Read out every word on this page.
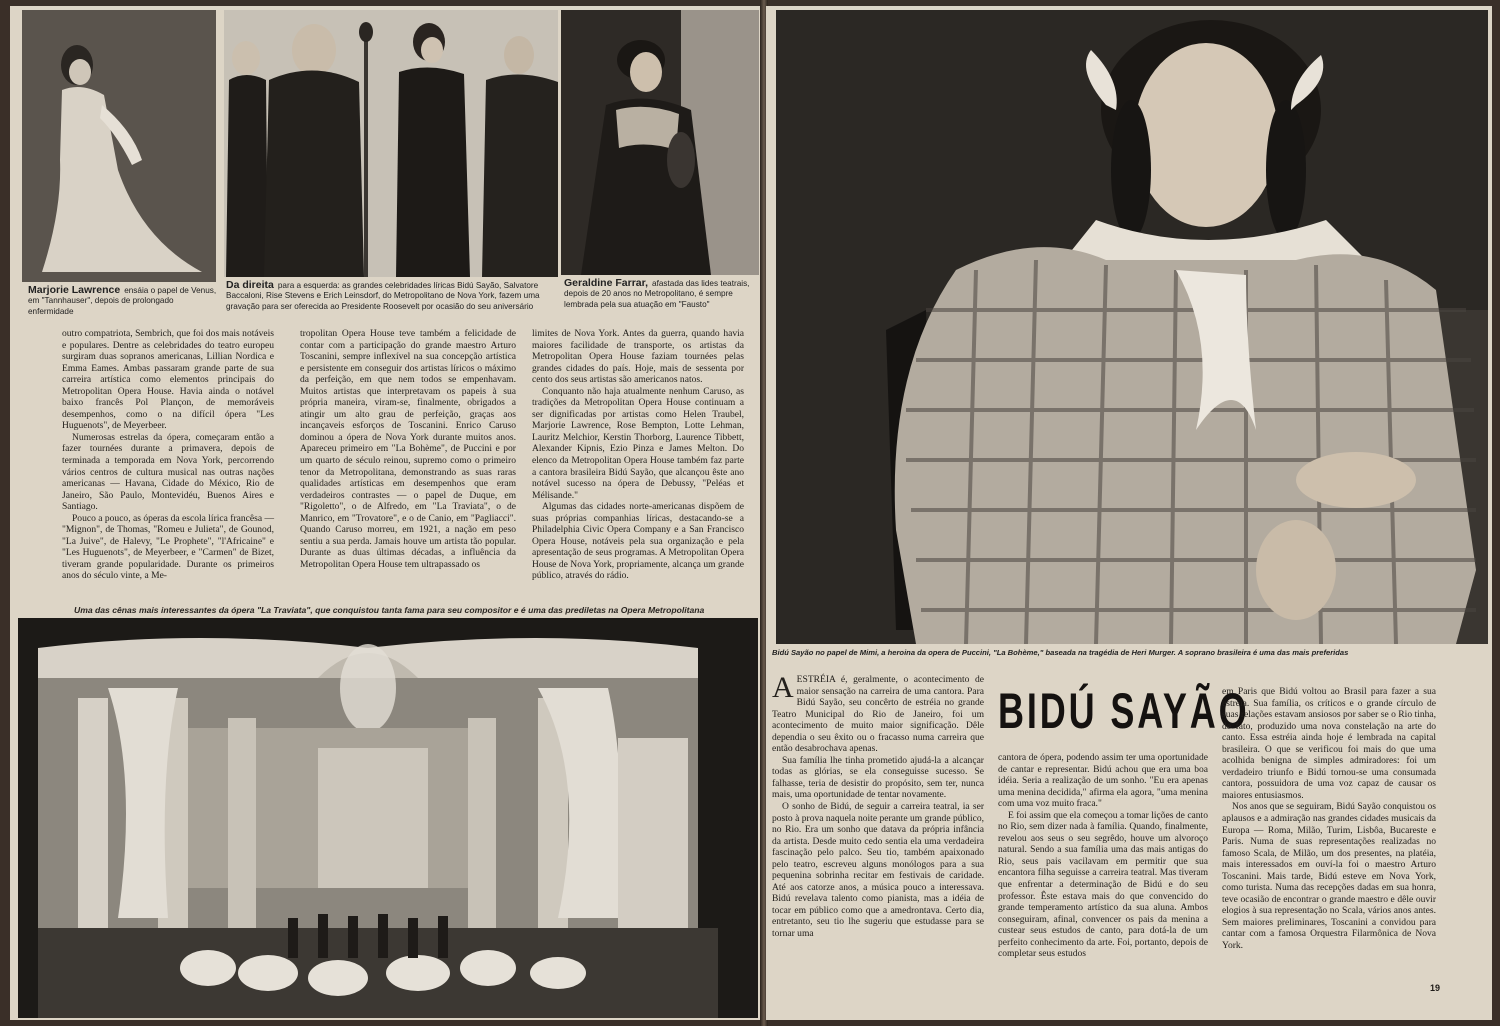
Marjorie Lawrence ensáia o papel de Venus, em "Tannhauser", depois de prolongado enfermidade
Da direita para a esquerda: as grandes celebridades líricas Bidú Sayão, Salvatore Baccaloni, Rise Stevens e Erich Leinsdorf, do Metropolitano de Nova York, fazem uma gravação para ser oferecida ao Presidente Roosevelt por ocasião do seu aniversário
Geraldine Farrar, afastada das lides teatrais, depois de 20 anos no Metropolitano, é sempre lembrada pela sua atuação em "Fausto"

outro compatriota, Sembrich, que foi dos mais notáveis e populares. Dentre as celebridades do teatro europeu surgiram duas sopranos americanas, Lillian Nordica e Emma Eames. Ambas passaram grande parte de sua carreira artística como elementos principais do Metropolitan Opera House. Havia ainda o notável baixo francês Pol Plançon, de memoráveis desempenhos, como o na difícil ópera "Les Huguenots", de Meyerbeer.

Numerosas estrelas da ópera, começaram então a fazer tournées durante a primavera, depois de terminada a temporada em Nova York, percorrendo vários centros de cultura musical nas outras nações americanas — Havana, Cidade do México, Rio de Janeiro, São Paulo, Montevidéu, Buenos Aires e Santiago.

Pouco a pouco, as óperas da escola lírica francêsa — "Mignon", de Thomas, "Romeu e Julieta", de Gounod, "La Juive", de Halevy, "Le Prophete", "l'Africaine" e "Les Huguenots", de Meyerbeer, e "Carmen" de Bizet, tiveram grande popularidade. Durante os primeiros anos do século vinte, a Me-

tropolitan Opera House teve também a felicidade de contar com a participação do grande maestro Arturo Toscanini, sempre inflexível na sua concepção artística e persistente em conseguir dos artistas líricos o máximo da perfeição, em que nem todos se empenhavam. Muitos artistas que interpretavam os papeis à sua própria maneira, viram-se, finalmente, obrigados a atingir um alto grau de perfeição, graças aos incançaveis esforços de Toscanini. Enrico Caruso dominou a ópera de Nova York durante muitos anos. Apareceu primeiro em "La Bohème", de Puccini e por um quarto de século reinou, supremo como o primeiro tenor da Metropolitana, demonstrando as suas raras qualidades artísticas em desempenhos que eram verdadeiros contrastes — o papel de Duque, em "Rigoletto", o de Alfredo, em "La Traviata", o de Manrico, em "Trovatore", e o de Canio, em "Pagliacci". Quando Caruso morreu, em 1921, a nação em peso sentiu a sua perda. Jamais houve um artista tão popular. Durante as duas últimas décadas, a influência da Metropolitan Opera House tem ultrapassado os

limites de Nova York. Antes da guerra, quando havia maiores facilidade de transporte, os artistas da Metropolitan Opera House faziam tournées pelas grandes cidades do país. Hoje, mais de sessenta por cento dos seus artistas são americanos natos.

Conquanto não haja atualmente nenhum Caruso, as tradições da Metropolitan Opera House continuam a ser dignificadas por artistas como Helen Traubel, Marjorie Lawrence, Rose Bempton, Lotte Lehman, Lauritz Melchior, Kerstin Thorborg, Laurence Tibbett, Alexander Kipnis, Ezio Pinza e James Melton. Do elenco da Metropolitan Opera House também faz parte a cantora brasileira Bidú Sayão, que alcançou êste ano notável sucesso na ópera de Debussy, "Peléas et Mélisande."

Algumas das cidades norte-americanas dispõem de suas próprias companhias líricas, destacando-se a Philadelphia Civic Opera Company e a San Francisco Opera House, notáveis pela sua organização e pela apresentação de seus programas. A Metropolitan Opera House de Nova York, propriamente, alcança um grande público, através do rádio.

Uma das cênas mais interessantes da ópera "La Traviata", que conquistou tanta fama para seu compositor e é uma das prediletas na Opera Metropolitana
Bidú Sayão no papel de Mimi, a heroina da opera de Puccini, "La Bohème," baseada na tragédia de Heri Murger. A soprano brasileira é uma das mais preferidas

AESTRÉIA é, geralmente, o acontecimento de maior sensação na carreira de uma cantora. Para Bidú Sayão, seu concêrto de estréia no grande Teatro Municipal do Rio de Janeiro, foi um acontecimento de muito maior significação. Dêle dependia o seu êxito ou o fracasso numa carreira que então desabrochava apenas.

Sua família lhe tinha prometido ajudá-la a alcançar todas as glórias, se ela conseguisse sucesso. Se falhasse, teria de desistir do propósito, sem ter, nunca mais, uma oportunidade de tentar novamente.

O sonho de Bidú, de seguir a carreira teatral, ia ser posto à prova naquela noite perante um grande público, no Rio. Era um sonho que datava da própria infância da artista. Desde muito cedo sentia ela uma verdadeira fascinação pelo palco. Seu tio, também apaixonado pelo teatro, escreveu alguns monólogos para a sua pequenina sobrinha recitar em festivais de caridade. Até aos catorze anos, a música pouco a interessava. Bidú revelava talento como pianista, mas a idéia de tocar em público como que a amedrontava. Certo dia, entretanto, seu tio lhe sugeriu que estudasse para se tornar uma

BIDÚ SAYÃO

cantora de ópera, podendo assim ter uma oportunidade de cantar e representar. Bidú achou que era uma boa idéia. Seria a realização de um sonho. "Eu era apenas uma menina decidida," afirma ela agora, "uma menina com uma voz muito fraca."

E foi assim que ela começou a tomar lições de canto no Rio, sem dizer nada à família. Quando, finalmente, revelou aos seus o seu segrêdo, houve um alvoroço natural. Sendo a sua família uma das mais antigas do Rio, seus pais vacilavam em permitir que sua encantora filha seguisse a carreira teatral. Mas tiveram que enfrentar a determinação de Bidú e do seu professor. Êste estava mais do que convencido do grande temperamento artístico da sua aluna. Ambos conseguiram, afinal, convencer os pais da menina a custear seus estudos de canto, para dotá-la de um perfeito conhecimento da arte. Foi, portanto, depois de completar seus estudos

em Paris que Bidú voltou ao Brasil para fazer a sua estréia. Sua família, os críticos e o grande círculo de suas relações estavam ansiosos por saber se o Rio tinha, de fato, produzido uma nova constelação na arte do canto. Essa estréia ainda hoje é lembrada na capital brasileira. O que se verificou foi mais do que uma acolhida benigna de simples admiradores: foi um verdadeiro triunfo e Bidú tornou-se uma consumada cantora, possuidora de uma voz capaz de causar os maiores entusiasmos.

Nos anos que se seguiram, Bidú Sayão conquistou os aplausos e a admiração nas grandes cidades musicais da Europa — Roma, Milão, Turim, Lisbôa, Bucareste e Paris. Numa de suas representações realizadas no famoso Scala, de Milão, um dos presentes, na platéia, mais interessados em ouví-la foi o maestro Arturo Toscanini. Mais tarde, Bidú esteve em Nova York, como turista. Numa das recepções dadas em sua honra, teve ocasião de encontrar o grande maestro e dêle ouvir elogios à sua representação no Scala, vários anos antes. Sem maiores preliminares, Toscanini a convidou para cantar com a famosa Orquestra Filarmônica de Nova York.

19
